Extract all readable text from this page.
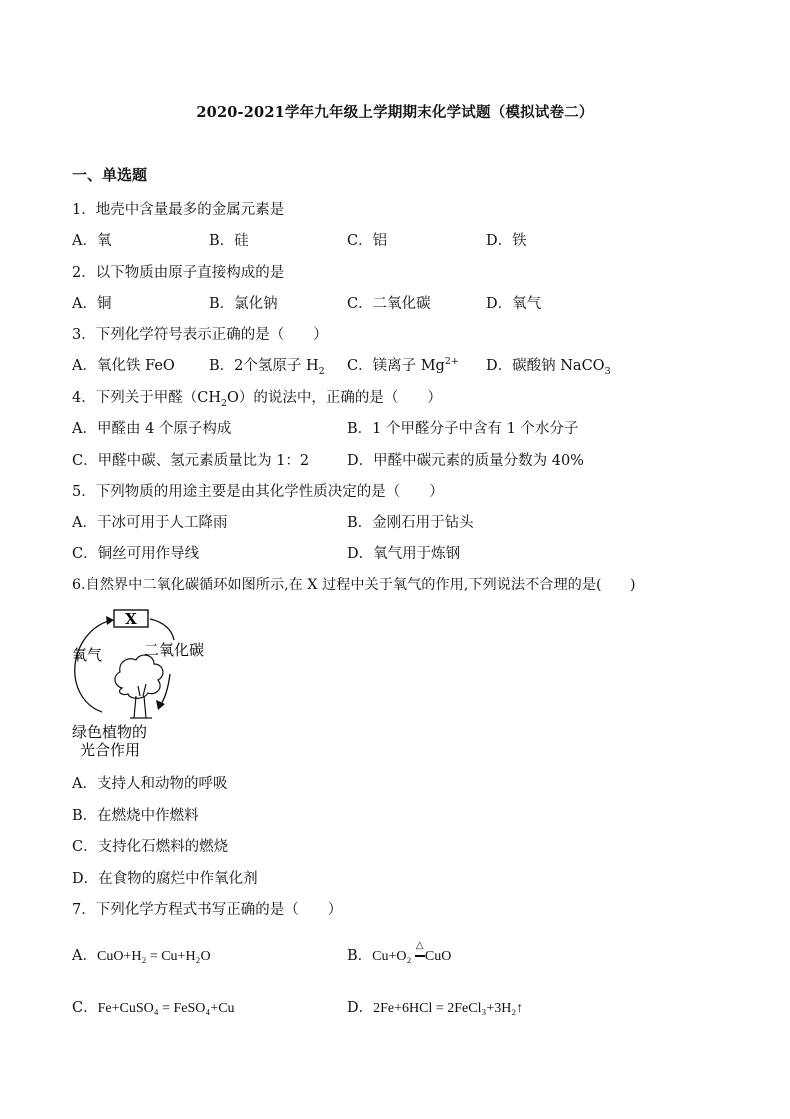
2020-2021学年九年级上学期期末化学试题（模拟试卷二）
一、单选题
1．地壳中含量最多的金属元素是
A．氧	B．硅	C．铝	D．铁
2．以下物质由原子直接构成的是
A．铜	B．氯化钠	C．二氧化碳	D．氧气
3．下列化学符号表示正确的是（　　）
A．氧化铁 FeO B．2个氢原子 $H_2$ C．镁离子 $Mg^{2+}$ D．碳酸钠 NaCO$_3$
4．下列关于甲醛$(CH_2O)$的说法中，正确的是（　　）
A．甲醛由 4 个原子构成	B．1 个甲醛分子中含有 1 个水分子
C．甲醛中碳、氢元素质量比为 1：2	D．甲醛中碳元素的质量分数为 40%
5．下列物质的用途主要是由其化学性质决定的是（　　）
A．干冰可用于人工降雨	B．金刚石用于钻头
C．铜丝可用作导线	D．氧气用于炼钢
6.自然界中二氧化碳循环如图所示,在 X 过程中关于氧气的作用,下列说法不合理的是(　　)
X
氧气	二氧化碳
绿色植物的
光合作用
A．支持人和动物的呼吸
B．在燃烧中作燃料
C．支持化石燃料的燃烧
D．在食物的腐烂中作氧化剂
7．下列化学方程式书写正确的是（　　）
A．CuO+H₂ = Cu+H₂O	B．Cu+O₂
△
CuO
C．Fe+CuSO₄ = FeSO₄+Cu	D．2Fe+6HCl = 2FeCl₃+3H₂↑
